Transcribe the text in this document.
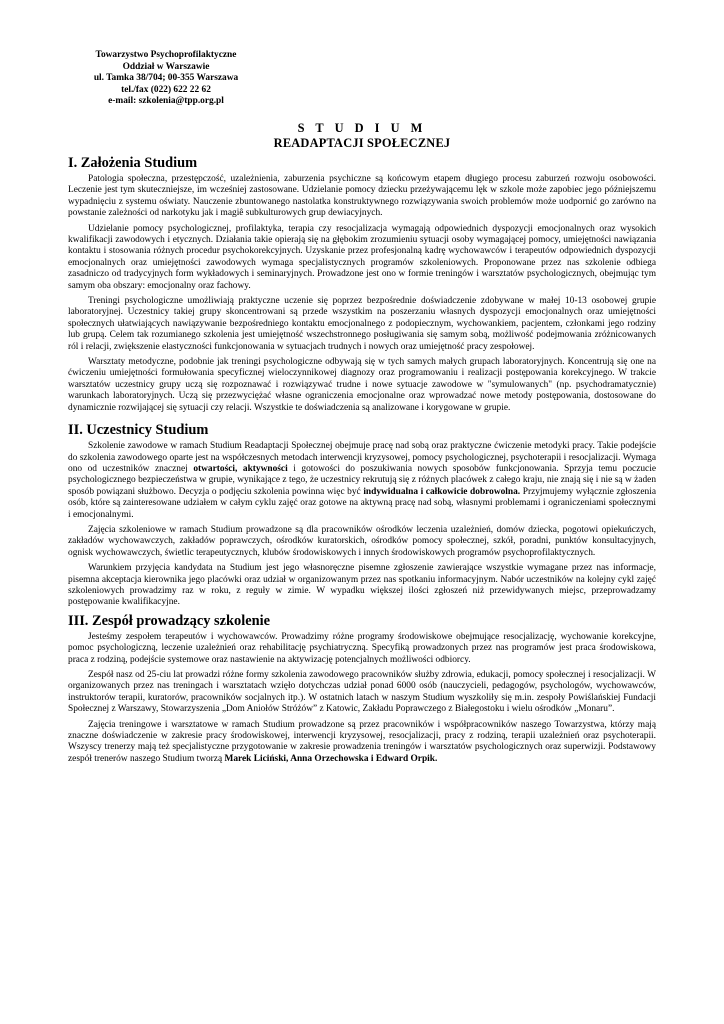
Towarzystwo Psychoprofilaktyczne
Oddział w Warszawie
ul. Tamka 38/704; 00-355 Warszawa
tel./fax (022) 622 22 62
e-mail: szkolenia@tpp.org.pl
S T U D I U M
READAPTACJI SPOŁECZNEJ
I. Założenia Studium

Patologia społeczna, przestępczość, uzależnienia, zaburzenia psychiczne są końcowym etapem długiego procesu zaburzeń rozwoju osobowości. Leczenie jest tym skuteczniejsze, im wcześniej zastosowane. Udzielanie pomocy dziecku przeżywającemu lęk w szkole może zapobiec jego późniejszemu wypadnięciu z systemu oświaty. Nauczenie zbuntowanego nastolatka konstruktywnego rozwiązywania swoich problemów może uodpornić go zarówno na powstanie zależności od narkotyku jak i magiê subkulturowych grup dewiacyjnych.

Udzielanie pomocy psychologicznej, profilaktyka, terapia czy resocjalizacja wymagają odpowiednich dyspozycji emocjonalnych oraz wysokich kwalifikacji zawodowych i etycznych. Działania takie opierają się na głębokim zrozumieniu sytuacji osoby wymagającej pomocy, umiejętności nawiązania kontaktu i stosowania różnych procedur psychokorekcyjnych. Uzyskanie przez profesjonalną kadrę wychowawców i terapeutów odpowiednich dyspozycji emocjonalnych oraz umiejętności zawodowych wymaga specjalistycznych programów szkoleniowych. Proponowane przez nas szkolenie odbiega zasadniczo od tradycyjnych form wykładowych i seminaryjnych. Prowadzone jest ono w formie treningów i warsztatów psychologicznych, obejmując tym samym oba obszary: emocjonalny oraz fachowy.

Treningi psychologiczne umożliwiają praktyczne uczenie się poprzez bezpośrednie doświadczenie zdobywane w małej 10-13 osobowej grupie laboratoryjnej. Uczestnicy takiej grupy skoncentrowani są przede wszystkim na poszerzaniu własnych dyspozycji emocjonalnych oraz umiejętności społecznych ułatwiających nawiązywanie bezpośredniego kontaktu emocjonalnego z podopiecznym, wychowankiem, pacjentem, członkami jego rodziny lub grupą. Celem tak rozumianego szkolenia jest umiejętność wszechstronnego posługiwania się samym sobą, możliwość podejmowania zróżnicowanych ról i relacji, zwiększenie elastyczności funkcjonowania w sytuacjach trudnych i nowych oraz umiejętność pracy zespołowej.

Warsztaty metodyczne, podobnie jak treningi psychologiczne odbywają się w tych samych małych grupach laboratoryjnych. Koncentrują się one na ćwiczeniu umiejętności formułowania specyficznej wieloczynnikowej diagnozy oraz programowaniu i realizacji postępowania korekcyjnego. W trakcie warsztatów uczestnicy grupy uczą się rozpoznawać i rozwiązywać trudne i nowe sytuacje zawodowe w "symulowanych" (np. psychodramatycznie) warunkach laboratoryjnych. Uczą się przezwyciężać własne ograniczenia emocjonalne oraz wprowadzać nowe metody postępowania, dostosowane do dynamicznie rozwijającej się sytuacji czy relacji. Wszystkie te doświadczenia są analizowane i korygowane w grupie.

II. Uczestnicy Studium

Szkolenie zawodowe w ramach Studium Readaptacji Społecznej obejmuje pracę nad sobą oraz praktyczne ćwiczenie metodyki pracy. Takie podejście do szkolenia zawodowego oparte jest na współczesnych metodach interwencji kryzysowej, pomocy psychologicznej, psychoterapii i resocjalizacji. Wymaga ono od uczestników znacznej otwartości, aktywności i gotowości do poszukiwania nowych sposobów funkcjonowania. Sprzyja temu poczucie psychologicznego bezpieczeństwa w grupie, wynikające z tego, że uczestnicy rekrutują się z różnych placówek z całego kraju, nie znają się i nie są w żaden sposób powiązani służbowo. Decyzja o podjęciu szkolenia powinna więc być indywidualna i całkowicie dobrowolna. Przyjmujemy wyłącznie zgłoszenia osób, które są zainteresowane udziałem w całym cyklu zajęć oraz gotowe na aktywną pracę nad sobą, własnymi problemami i ograniczeniami społecznymi i emocjonalnymi.

Zajęcia szkoleniowe w ramach Studium prowadzone są dla pracowników ośrodków leczenia uzależnień, domów dziecka, pogotowi opiekuńczych, zakładów wychowawczych, zakładów poprawczych, ośrodków kuratorskich, ośrodków pomocy społecznej, szkół, poradni, punktów konsultacyjnych, ognisk wychowawczych, świetlic terapeutycznych, klubów środowiskowych i innych środowiskowych programów psychoprofilaktycznych.

Warunkiem przyjęcia kandydata na Studium jest jego własnoręczne pisemne zgłoszenie zawierające wszystkie wymagane przez nas informacje, pisemna akceptacja kierownika jego placówki oraz udział w organizowanym przez nas spotkaniu informacyjnym. Nabór uczestników na kolejny cykl zajęć szkoleniowych prowadzimy raz w roku, z reguły w zimie. W wypadku większej ilości zgłoszeń niż przewidywanych miejsc, przeprowadzamy postępowanie kwalifikacyjne.

III. Zespół prowadzący szkolenie

Jesteśmy zespołem terapeutów i wychowawców. Prowadzimy różne programy środowiskowe obejmujące resocjalizację, wychowanie korekcyjne, pomoc psychologiczną, leczenie uzależnień oraz rehabilitację psychiatryczną. Specyfiką prowadzonych przez nas programów jest praca środowiskowa, praca z rodziną, podejście systemowe oraz nastawienie na aktywizację potencjalnych możliwości odbiorcy.

Zespół nasz od 25-ciu lat prowadzi różne formy szkolenia zawodowego pracowników służby zdrowia, edukacji, pomocy społecznej i resocjalizacji. W organizowanych przez nas treningach i warsztatach wzięło dotychczas udział ponad 6000 osób (nauczycieli, pedagogów, psychologów, wychowawców, instruktorów terapii, kuratorów, pracowników socjalnych itp.). W ostatnich latach w naszym Studium wyszkoliły się m.in. zespoły Powiślańskiej Fundacji Społecznej z Warszawy, Stowarzyszenia „Dom Aniołów Stróżów” z Katowic, Zakładu Poprawczego z Białegostoku i wielu ośrodków „Monaru”.

Zajęcia treningowe i warsztatowe w ramach Studium prowadzone są przez pracowników i współpracowników naszego Towarzystwa, którzy mają znaczne doświadczenie w zakresie pracy środowiskowej, interwencji kryzysowej, resocjalizacji, pracy z rodziną, terapii uzależnień oraz psychoterapii. Wszyscy trenerzy mają też specjalistyczne przygotowanie w zakresie prowadzenia treningów i warsztatów psychologicznych oraz superwizji. Podstawowy zespół trenerów naszego Studium tworzą Marek Liciński, Anna Orzechowska i Edward Orpik.
